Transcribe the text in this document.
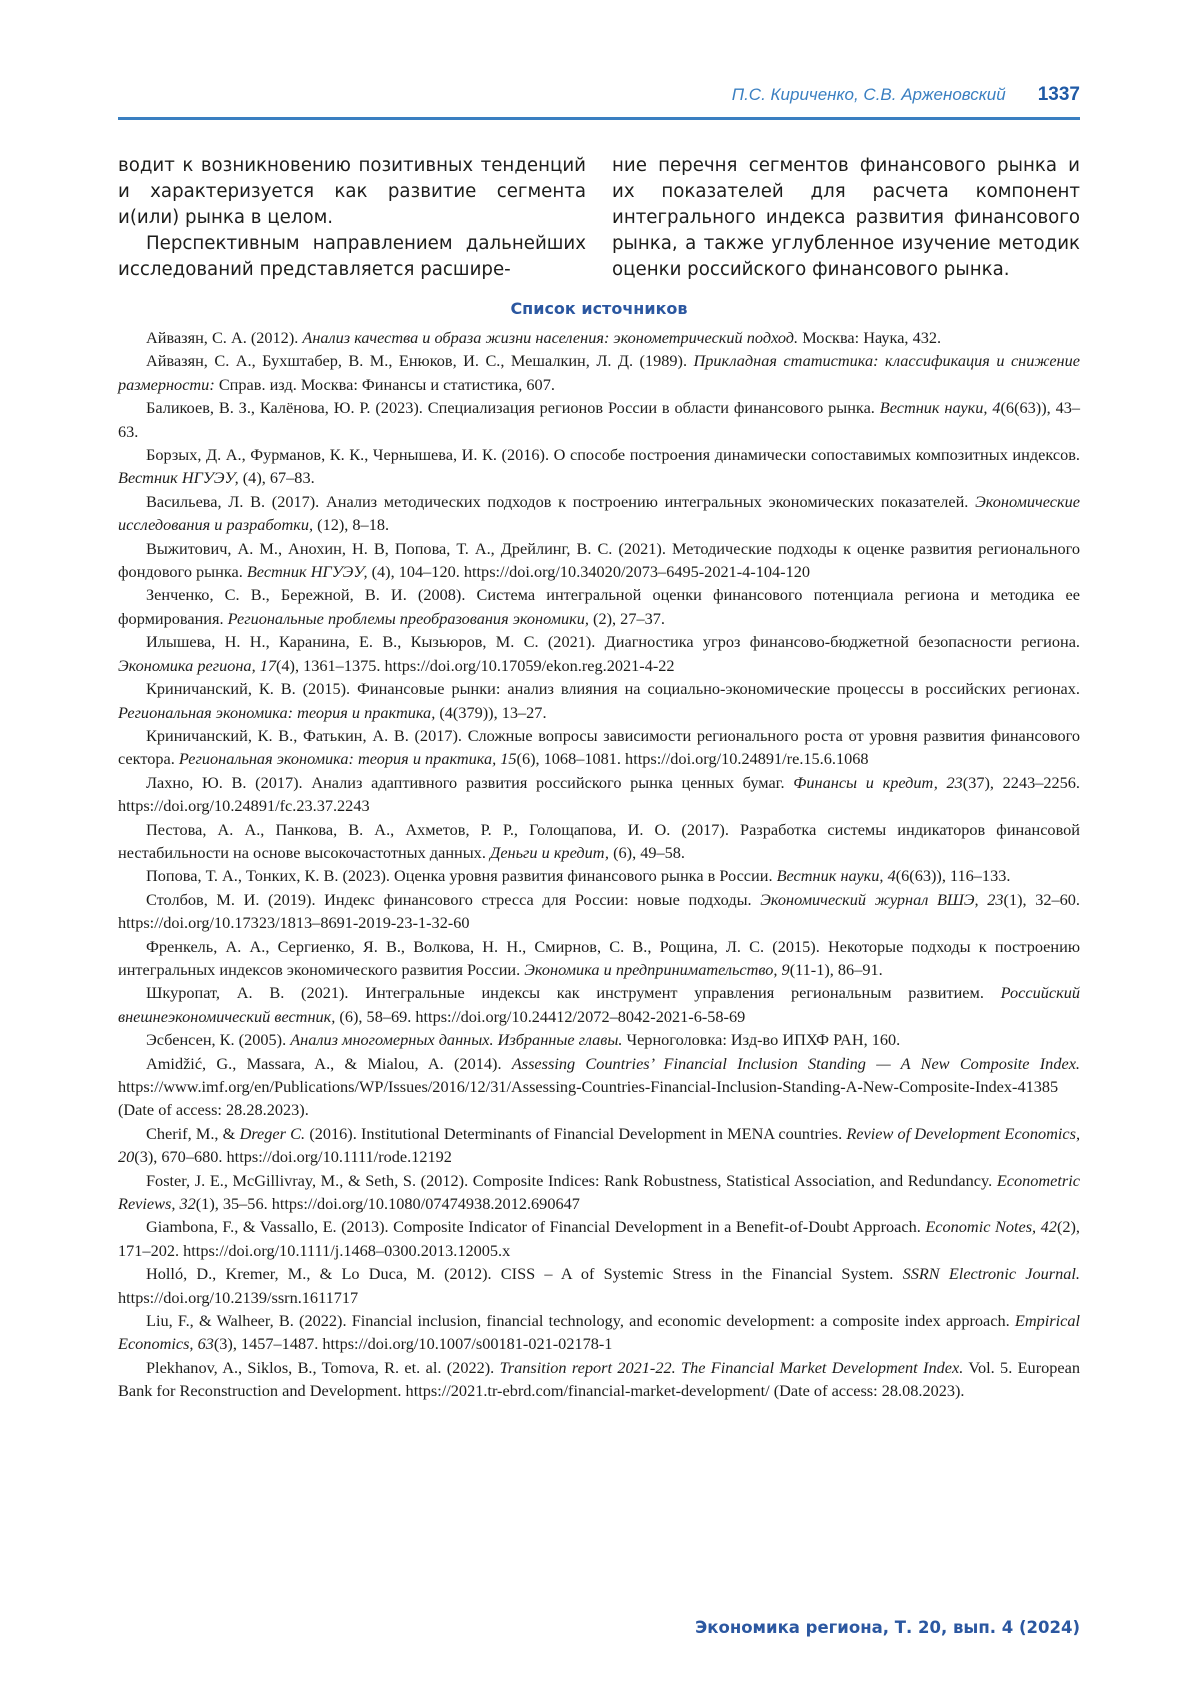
П.С. Кириченко, С.В. Арженовский 1337

водит к возникновению позитивных тенденций и характеризуется как развитие сегмента и(или) рынка в целом.

Перспективным направлением дальнейших исследований представляется расшире-

ние перечня сегментов финансового рынка и их показателей для расчета компонент интегрального индекса развития финансового рынка, а также углубленное изучение методик оценки российского финансового рынка.

Список источников

Айвазян, С. А. (2012). Анализ качества и образа жизни населения: эконометрический подход. Москва: Наука, 432.

Айвазян, С. А., Бухштабер, В. М., Енюков, И. С., Мешалкин, Л. Д. (1989). Прикладная статистика: классификация и снижение размерности: Справ. изд. Москва: Финансы и статистика, 607.

Баликоев, В. З., Калёнова, Ю. Р. (2023). Специализация регионов России в области финансового рынка. Вестник науки, 4(6(63)), 43–63.

Борзых, Д. А., Фурманов, К. К., Чернышева, И. К. (2016). О способе построения динамически сопоставимых композитных индексов. Вестник НГУЭУ, (4), 67–83.

Васильева, Л. В. (2017). Анализ методических подходов к построению интегральных экономических показателей. Экономические исследования и разработки, (12), 8–18.

Выжитович, А. М., Анохин, Н. В, Попова, Т. А., Дрейлинг, В. С. (2021). Методические подходы к оценке развития регионального фондового рынка. Вестник НГУЭУ, (4), 104–120. https://doi.org/10.34020/2073–6495-2021-4-104-120

Зенченко, С. В., Бережной, В. И. (2008). Система интегральной оценки финансового потенциала региона и методика ее формирования. Региональные проблемы преобразования экономики, (2), 27–37.

Илышева, Н. Н., Каранина, Е. В., Кызьюров, М. С. (2021). Диагностика угроз финансово-бюджетной безопасности региона. Экономика региона, 17(4), 1361–1375. https://doi.org/10.17059/ekon.reg.2021-4-22

Криничанский, К. В. (2015). Финансовые рынки: анализ влияния на социально-экономические процессы в российских регионах. Региональная экономика: теория и практика, (4(379)), 13–27.

Криничанский, К. В., Фатькин, А. В. (2017). Сложные вопросы зависимости регионального роста от уровня развития финансового сектора. Региональная экономика: теория и практика, 15(6), 1068–1081. https://doi.org/10.24891/re.15.6.1068

Лахно, Ю. В. (2017). Анализ адаптивного развития российского рынка ценных бумаг. Финансы и кредит, 23(37), 2243–2256. https://doi.org/10.24891/fc.23.37.2243

Пестова, А. А., Панкова, В. А., Ахметов, Р. Р., Голощапова, И. О. (2017). Разработка системы индикаторов финансовой нестабильности на основе высокочастотных данных. Деньги и кредит, (6), 49–58.

Попова, Т. А., Тонких, К. В. (2023). Оценка уровня развития финансового рынка в России. Вестник науки, 4(6(63)), 116–133.

Столбов, М. И. (2019). Индекс финансового стресса для России: новые подходы. Экономический журнал ВШЭ, 23(1), 32–60. https://doi.org/10.17323/1813–8691-2019-23-1-32-60

Френкель, А. А., Сергиенко, Я. В., Волкова, Н. Н., Смирнов, С. В., Рощина, Л. С. (2015). Некоторые подходы к построению интегральных индексов экономического развития России. Экономика и предпринимательство, 9(11-1), 86–91.

Шкуропат, А. В. (2021). Интегральные индексы как инструмент управления региональным развитием. Российский внешнеэкономический вестник, (6), 58–69. https://doi.org/10.24412/2072–8042-2021-6-58-69

Эсбенсен, К. (2005). Анализ многомерных данных. Избранные главы. Черноголовка: Изд-во ИПХФ РАН, 160.

Amidžić, G., Massara, A., & Mialou, A. (2014). Assessing Countries’ Financial Inclusion Standing — A New Composite Index. https://www.imf.org/en/Publications/WP/Issues/2016/12/31/Assessing-Countries-Financial-Inclusion-Standing-A-New-Composite-Index-41385 (Date of access: 28.28.2023).

Cherif, M., & Dreger C. (2016). Institutional Determinants of Financial Development in MENA countries. Review of Development Economics, 20(3), 670–680. https://doi.org/10.1111/rode.12192

Foster, J. E., McGillivray, M., & Seth, S. (2012). Composite Indices: Rank Robustness, Statistical Association, and Redundancy. Econometric Reviews, 32(1), 35–56. https://doi.org/10.1080/07474938.2012.690647

Giambona, F., & Vassallo, E. (2013). Composite Indicator of Financial Development in a Benefit-of-Doubt Approach. Economic Notes, 42(2), 171–202. https://doi.org/10.1111/j.1468–0300.2013.12005.x

Holló, D., Kremer, M., & Lo Duca, M. (2012). CISS – A of Systemic Stress in the Financial System. SSRN Electronic Journal. https://doi.org/10.2139/ssrn.1611717

Liu, F., & Walheer, B. (2022). Financial inclusion, financial technology, and economic development: a composite index approach. Empirical Economics, 63(3), 1457–1487. https://doi.org/10.1007/s00181-021-02178-1

Plekhanov, A., Siklos, B., Tomova, R. et. al. (2022). Transition report 2021-22. The Financial Market Development Index. Vol. 5. European Bank for Reconstruction and Development. https://2021.tr-ebrd.com/financial-market-development/ (Date of access: 28.08.2023).

Экономика региона, Т. 20, вып. 4 (2024)
